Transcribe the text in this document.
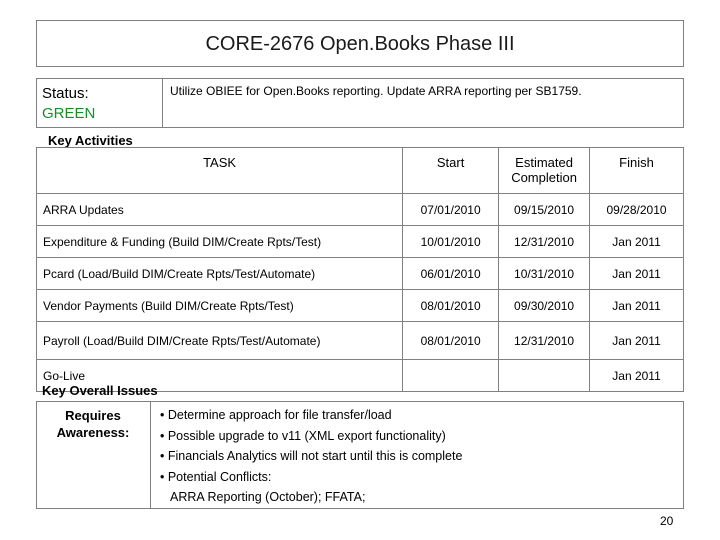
CORE-2676 Open.Books Phase III
Status:
GREEN
Utilize OBIEE for Open.Books reporting. Update ARRA reporting per SB1759.
Key Activities
TASK	Start	Estimated Completion	Finish
ARRA Updates	07/01/2010	09/15/2010	09/28/2010
Expenditure & Funding (Build DIM/Create Rpts/Test)	10/01/2010	12/31/2010	Jan 2011
Pcard (Load/Build DIM/Create Rpts/Test/Automate)	06/01/2010	10/31/2010	Jan 2011
Vendor Payments (Build DIM/Create Rpts/Test)	08/01/2010	09/30/2010	Jan 2011
Payroll (Load/Build DIM/Create Rpts/Test/Automate)	08/01/2010	12/31/2010	Jan 2011
Go-Live			Jan 2011
Key Overall Issues
Requires Awareness:
• Determine approach for file transfer/load
• Possible upgrade to v11 (XML export functionality)
• Financials Analytics will not start until this is complete
• Potential Conflicts:
ARRA Reporting (October); FFATA;
20
